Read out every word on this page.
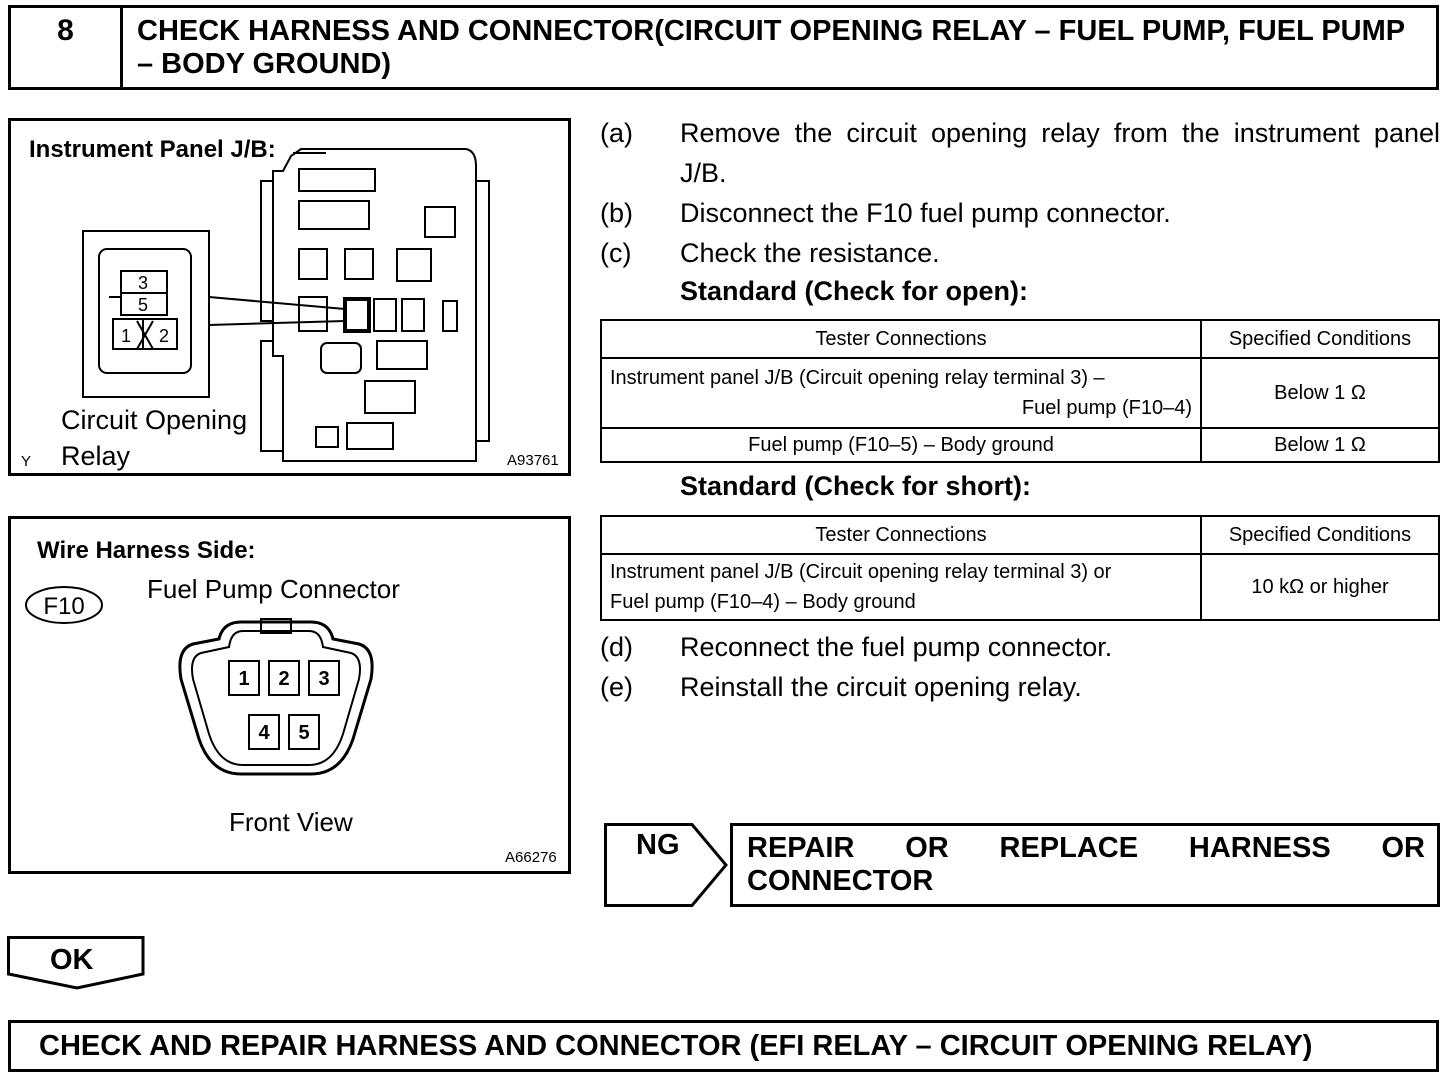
8	CHECK HARNESS AND CONNECTOR(CIRCUIT OPENING RELAY – FUEL PUMP, FUEL PUMP – BODY GROUND)
3
5
1 2
Instrument Panel J/B:
Circuit Opening
Relay
Y	A93761
1 2 3
4 5
F10
Wire Harness Side:
Fuel Pump Connector
Front View
A66276
(a)	Remove the circuit opening relay from the instrument panel J/B.
(b)	Disconnect the F10 fuel pump connector.
(c)	Check the resistance.
Standard (Check for open):
Tester Connections	Specified Conditions

Instrument panel J/B (Circuit opening relay terminal 3) –
Fuel pump (F10–4)	Below 1 Ω
Fuel pump (F10–5) – Body ground	Below 1 Ω
Standard (Check for short):
Tester Connections	Specified Conditions

Instrument panel J/B (Circuit opening relay terminal 3) or
Fuel pump (F10–4) – Body ground	10 kΩ or higher
(d)	Reconnect the fuel pump connector.
(e)	Reinstall the circuit opening relay.
NG REPAIR OR REPLACE HARNESS OR CONNECTOR
OK
CHECK AND REPAIR HARNESS AND CONNECTOR (EFI RELAY – CIRCUIT OPENING RELAY)
